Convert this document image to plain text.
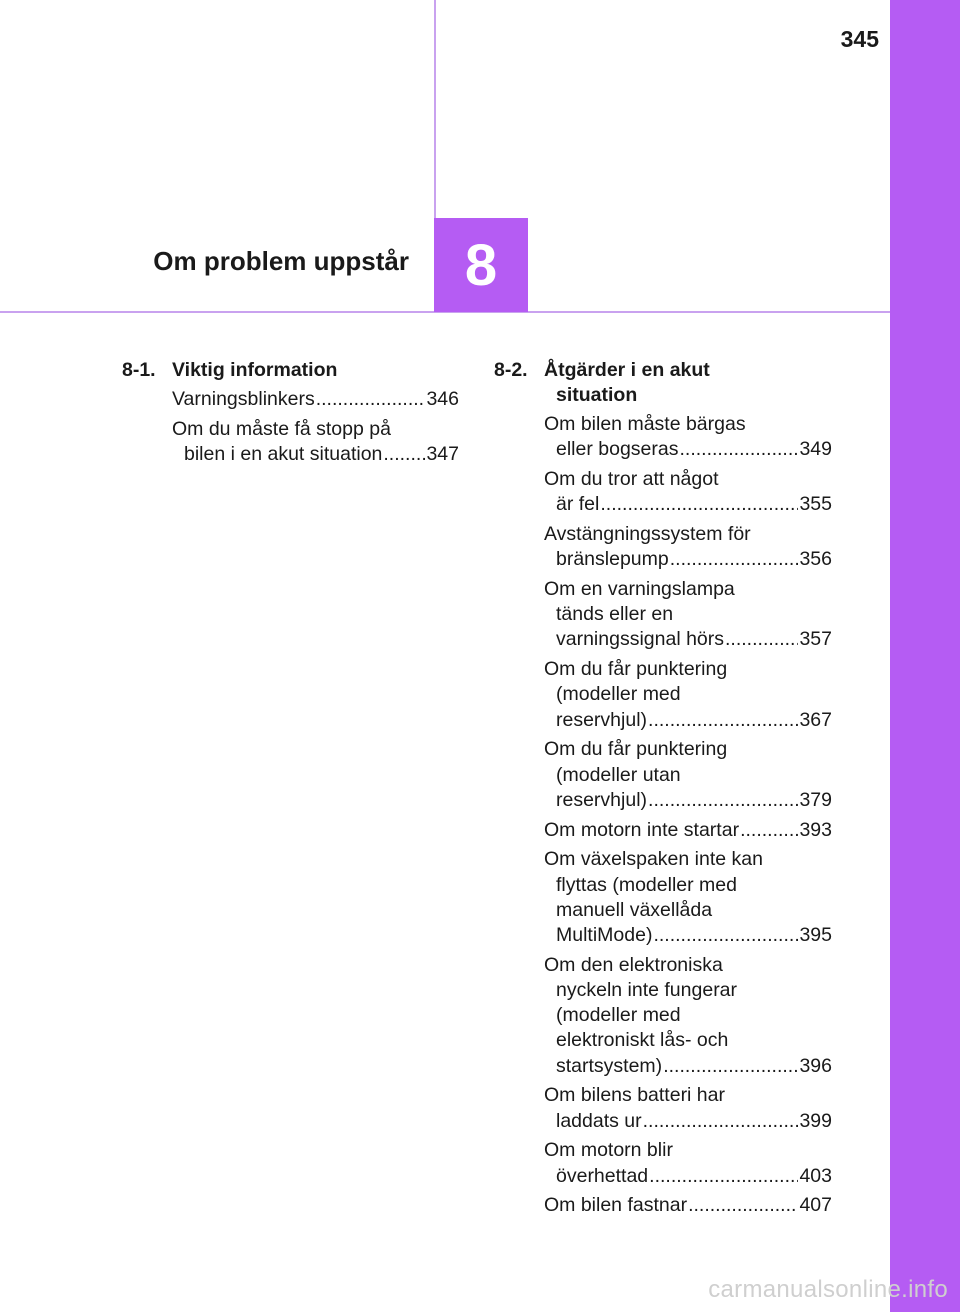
345
Om problem uppstår 8
8-1. Viktig information
Varningsblinkers .....	346
Om du måste få stopp på
bilen i en akut situation ..... 347
8-2. Åtgärder i en akut
situation
Om bilen måste bärgas
eller bogseras .....	349
Om du tror att något
är fel .....	355
Avstängningssystem för
bränslepump .....	356
Om en varningslampa
tänds eller en
varningssignal hörs .....	357
Om du får punktering
(modeller med
reservhjul) .....	367
Om du får punktering
(modeller utan
reservhjul) .....	379
Om motorn inte startar .....	393
Om växelspaken inte kan
flyttas (modeller med
manuell växellåda
MultiMode) .....	395
Om den elektroniska
nyckeln inte fungerar
(modeller med
elektroniskt lås- och
startsystem) .....	396
Om bilens batteri har
laddats ur .....	399
Om motorn blir
överhettad .....	403
Om bilen fastnar .....	407
carmanualsonline.info
